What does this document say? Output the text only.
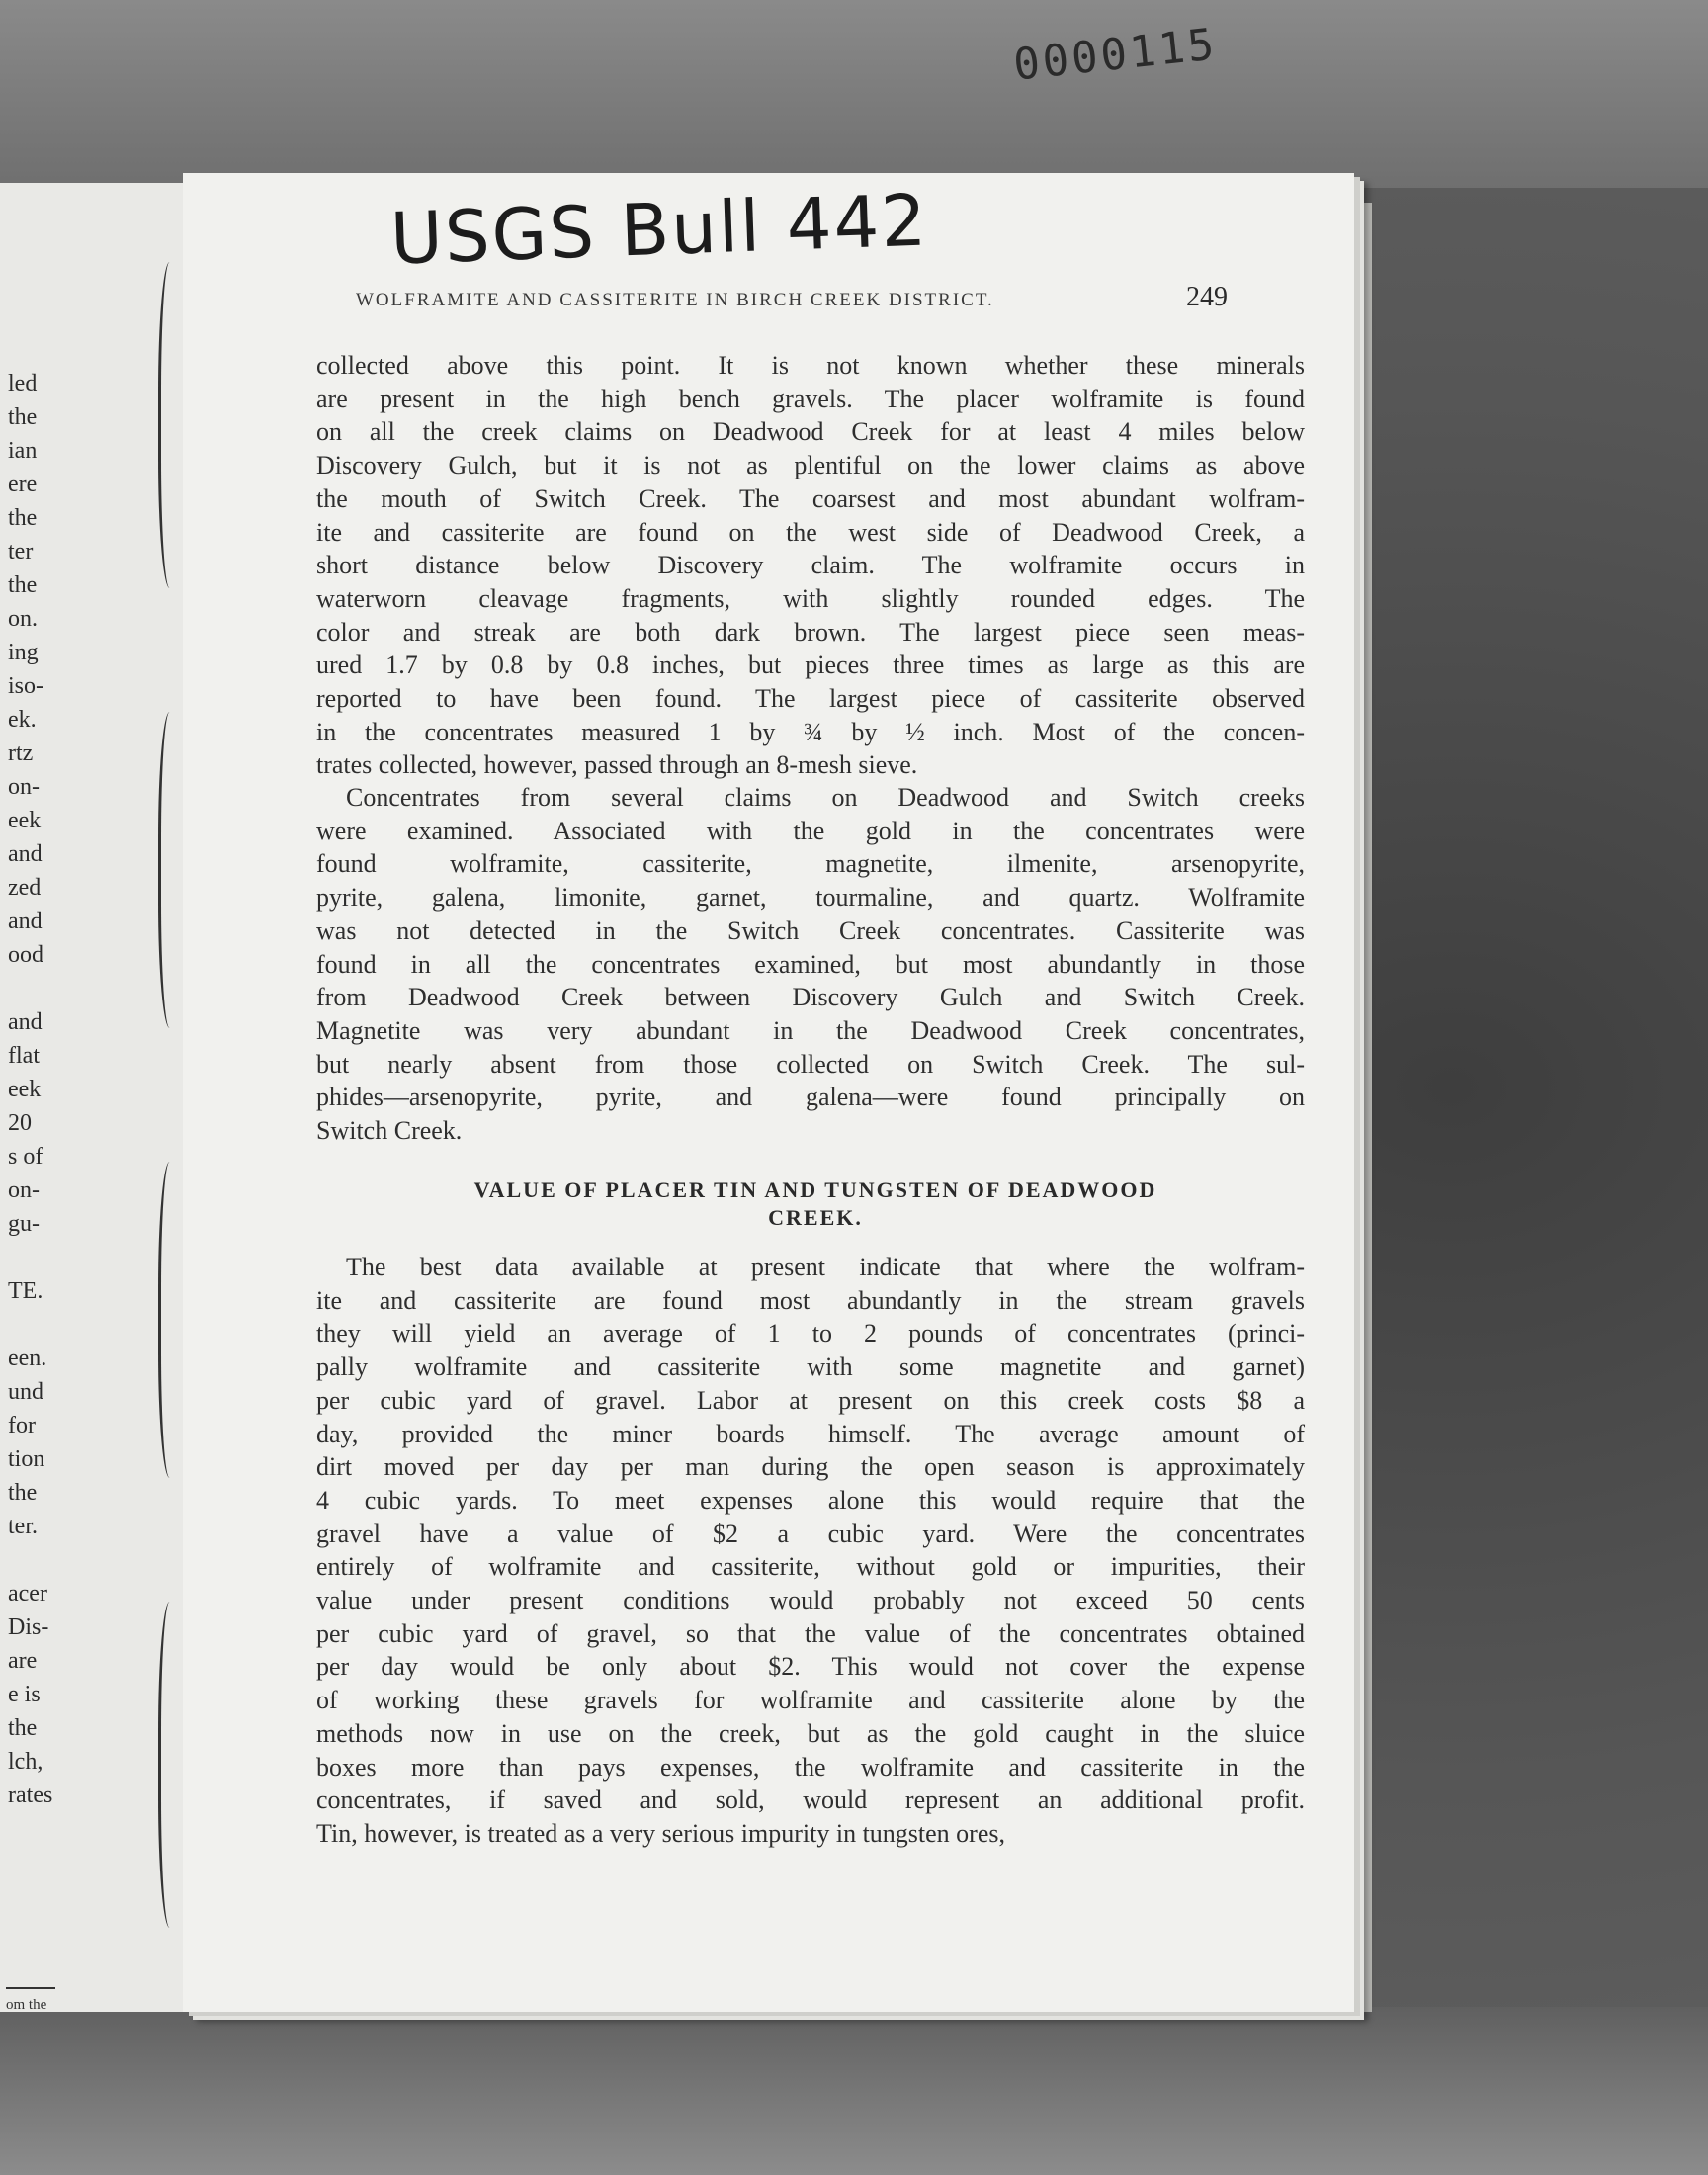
0000115
led
the
ian
ere
the
ter
the
on.
ing
iso-
ek.
rtz
on-
eek
and
zed
and
ood
and
flat
eek
20
s of
on-
gu-
TE.
een.
und
for
tion
the
ter.
acer
Dis-
are
e is
the
lch,
rates
om the
USGS Bull 442
WOLFRAMITE AND CASSITERITE IN BIRCH CREEK DISTRICT.	249
collected above this point. It is not known whether these minerals
are present in the high bench gravels. The placer wolframite is found
on all the creek claims on Deadwood Creek for at least 4 miles below
Discovery Gulch, but it is not as plentiful on the lower claims as above
the mouth of Switch Creek. The coarsest and most abundant wolfram-
ite and cassiterite are found on the west side of Deadwood Creek, a
short distance below Discovery claim. The wolframite occurs in
waterworn cleavage fragments, with slightly rounded edges. The
color and streak are both dark brown. The largest piece seen meas-
ured 1.7 by 0.8 by 0.8 inches, but pieces three times as large as this are
reported to have been found. The largest piece of cassiterite observed
in the concentrates measured 1 by ¾ by ½ inch. Most of the concen-
trates collected, however, passed through an 8-mesh sieve.
Concentrates from several claims on Deadwood and Switch creeks
were examined. Associated with the gold in the concentrates were
found wolframite, cassiterite, magnetite, ilmenite, arsenopyrite,
pyrite, galena, limonite, garnet, tourmaline, and quartz. Wolframite
was not detected in the Switch Creek concentrates. Cassiterite was
found in all the concentrates examined, but most abundantly in those
from Deadwood Creek between Discovery Gulch and Switch Creek.
Magnetite was very abundant in the Deadwood Creek concentrates,
but nearly absent from those collected on Switch Creek. The sul-
phides—arsenopyrite, pyrite, and galena—were found principally on
Switch Creek.
VALUE OF PLACER TIN AND TUNGSTEN OF DEADWOOD
CREEK.
The best data available at present indicate that where the wolfram-
ite and cassiterite are found most abundantly in the stream gravels
they will yield an average of 1 to 2 pounds of concentrates (princi-
pally wolframite and cassiterite with some magnetite and garnet)
per cubic yard of gravel. Labor at present on this creek costs $8 a
day, provided the miner boards himself. The average amount of
dirt moved per day per man during the open season is approximately
4 cubic yards. To meet expenses alone this would require that the
gravel have a value of $2 a cubic yard. Were the concentrates
entirely of wolframite and cassiterite, without gold or impurities, their
value under present conditions would probably not exceed 50 cents
per cubic yard of gravel, so that the value of the concentrates obtained
per day would be only about $2. This would not cover the expense
of working these gravels for wolframite and cassiterite alone by the
methods now in use on the creek, but as the gold caught in the sluice
boxes more than pays expenses, the wolframite and cassiterite in the
concentrates, if saved and sold, would represent an additional profit.
Tin, however, is treated as a very serious impurity in tungsten ores,
